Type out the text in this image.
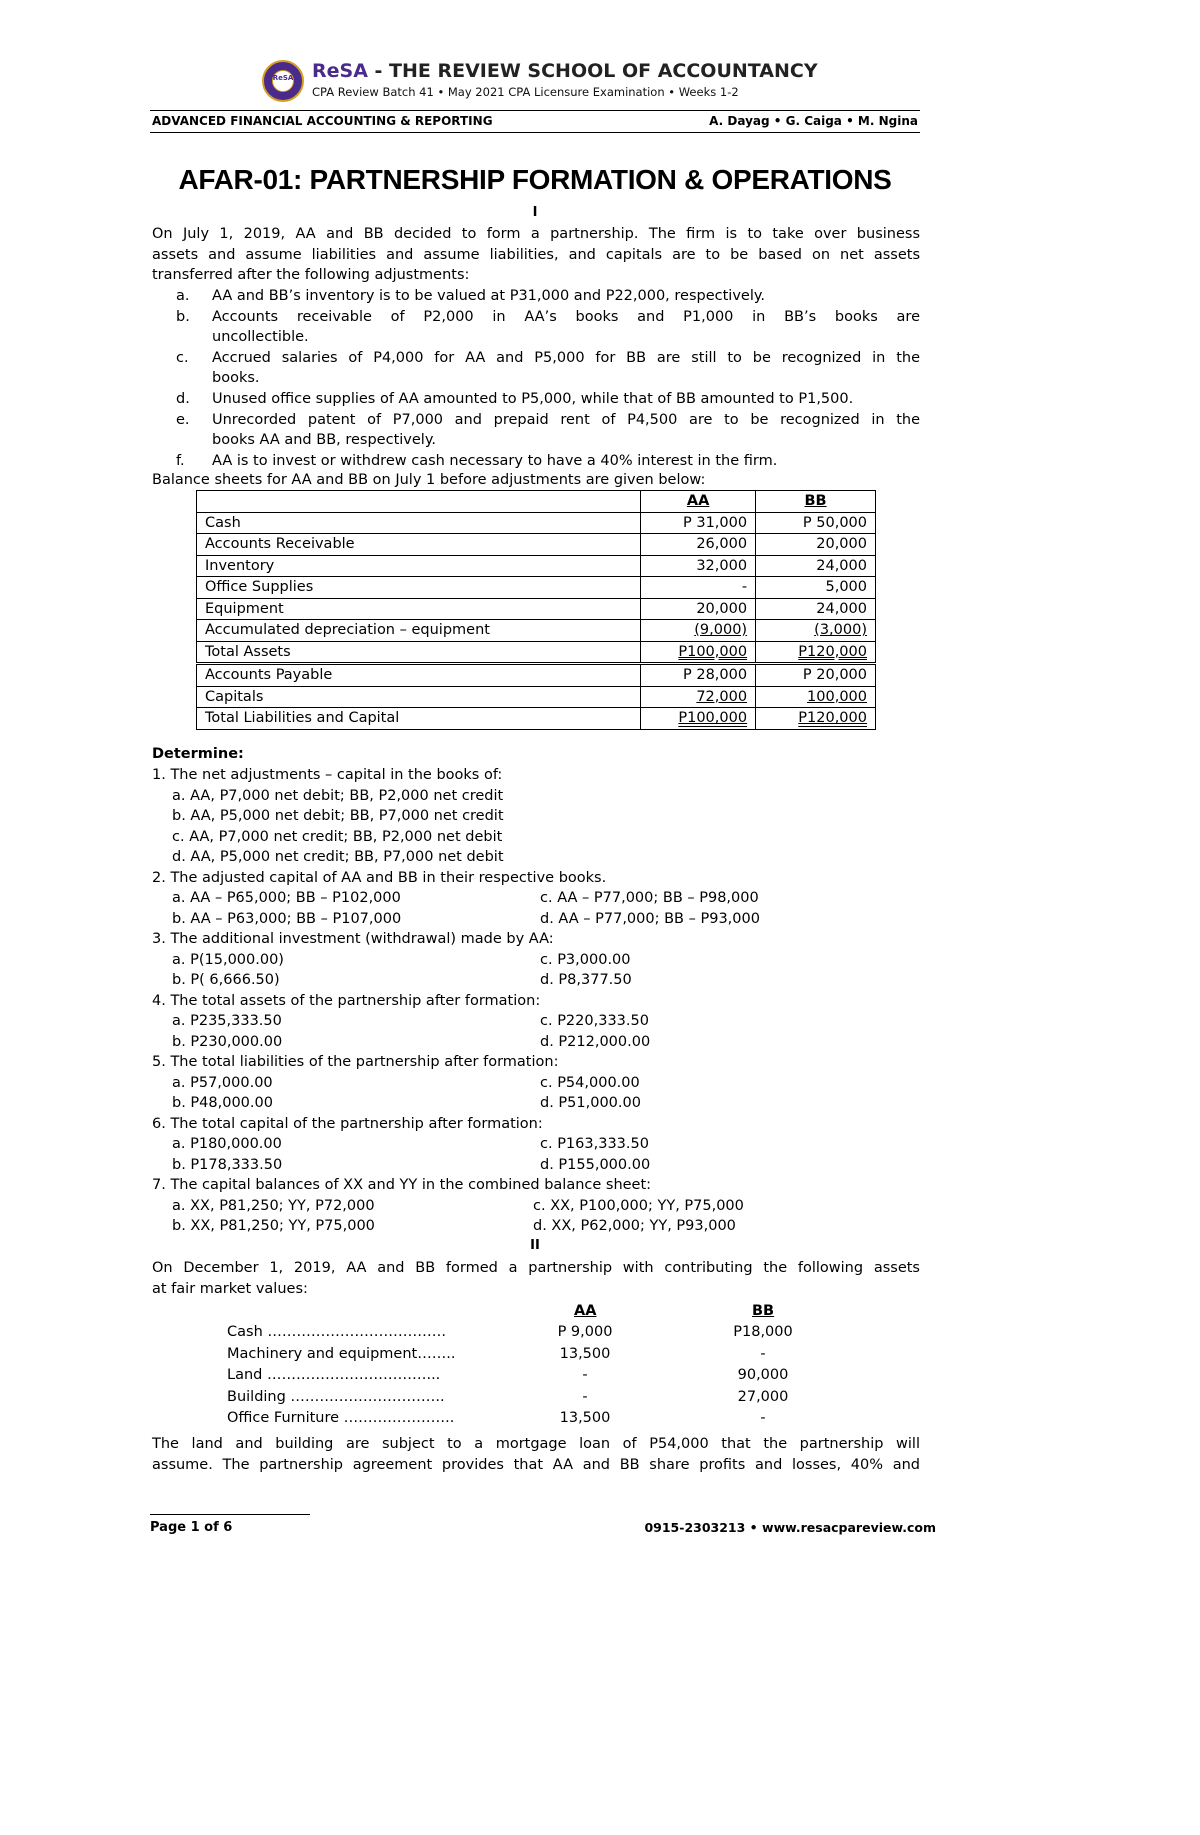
ReSA ReSA - THE REVIEW SCHOOL OF ACCOUNTANCY
CPA Review Batch 41 • May 2021 CPA Licensure Examination • Weeks 1-2
ADVANCED FINANCIAL ACCOUNTING & REPORTING	A. Dayag • G. Caiga • M. Ngina
AFAR-01: PARTNERSHIP FORMATION & OPERATIONS
I
On July 1, 2019, AA and BB decided to form a partnership. The firm is to take over business
assets and assume liabilities and assume liabilities, and capitals are to be based on net assets
transferred after the following adjustments:
a. AA and BB’s inventory is to be valued at P31,000 and P22,000, respectively.
b. Accounts receivable of P2,000 in AA’s books and P1,000 in BB’s books are
uncollectible.
c. Accrued salaries of P4,000 for AA and P5,000 for BB are still to be recognized in the
books.
d. Unused office supplies of AA amounted to P5,000, while that of BB amounted to P1,500.
e. Unrecorded patent of P7,000 and prepaid rent of P4,500 are to be recognized in the
books AA and BB, respectively.
f. AA is to invest or withdrew cash necessary to have a 40% interest in the firm.
Balance sheets for AA and BB on July 1 before adjustments are given below:
	AA	BB
Cash	P 31,000	P 50,000
Accounts Receivable	26,000	20,000
Inventory	32,000	24,000
Office Supplies	-	5,000
Equipment	20,000	24,000
Accumulated depreciation – equipment	(9,000)	(3,000)
Total Assets	P100,000	P120,000
Accounts Payable	P 28,000	P 20,000
Capitals	72,000	100,000
Total Liabilities and Capital	P100,000	P120,000
Determine:
1. The net adjustments – capital in the books of:
a. AA, P7,000 net debit; BB, P2,000 net credit
b. AA, P5,000 net debit; BB, P7,000 net credit
c. AA, P7,000 net credit; BB, P2,000 net debit
d. AA, P5,000 net credit; BB, P7,000 net debit
2. The adjusted capital of AA and BB in their respective books.
a. AA – P65,000; BB – P102,000	c. AA – P77,000; BB – P98,000
b. AA – P63,000; BB – P107,000	d. AA – P77,000; BB – P93,000
3. The additional investment (withdrawal) made by AA:
a. P(15,000.00)	c. P3,000.00
b. P( 6,666.50)	d. P8,377.50
4. The total assets of the partnership after formation:
a. P235,333.50	c. P220,333.50
b. P230,000.00	d. P212,000.00
5. The total liabilities of the partnership after formation:
a. P57,000.00	c. P54,000.00
b. P48,000.00	d. P51,000.00
6. The total capital of the partnership after formation:
a. P180,000.00	c. P163,333.50
b. P178,333.50	d. P155,000.00
7. The capital balances of XX and YY in the combined balance sheet:
a. XX, P81,250; YY, P72,000	c. XX, P100,000; YY, P75,000
b. XX, P81,250; YY, P75,000	d. XX, P62,000; YY, P93,000
II
On December 1, 2019, AA and BB formed a partnership with contributing the following assets
at fair market values:
AA	BB
Cash ……………………………….	P 9,000	P18,000
Machinery and equipment……..	13,500	-
Land ……………………………...	-	90,000
Building …………………………..	-	27,000
Office Furniture …………………..	13,500	-
The land and building are subject to a mortgage loan of P54,000 that the partnership will
assume. The partnership agreement provides that AA and BB share profits and losses, 40% and
Page 1 of 6	0915-2303213 • www.resacpareview.com
